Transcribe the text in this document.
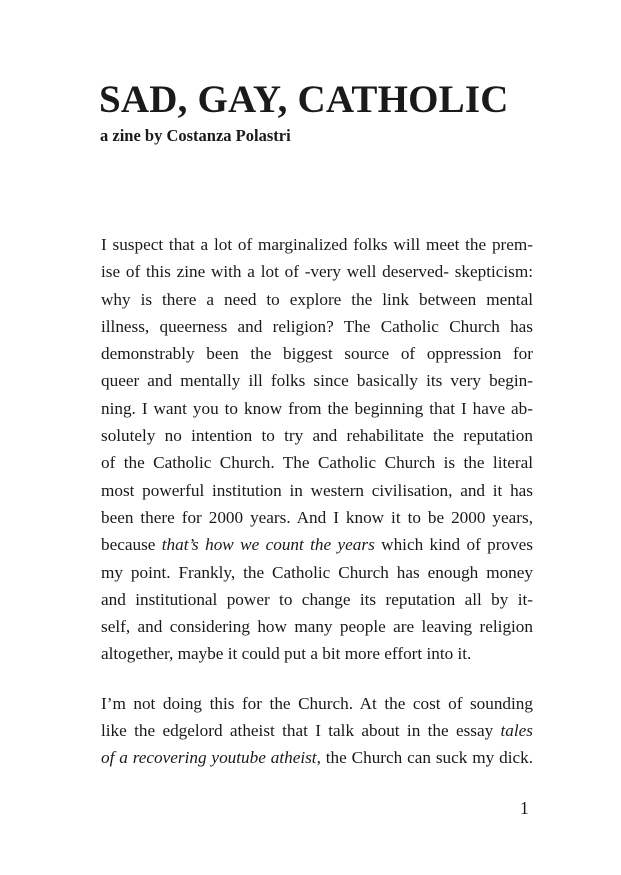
SAD, GAY, CATHOLIC
a zine by Costanza Polastri
I suspect that a lot of marginalized folks will meet the prem-
ise of this zine with a lot of -very well deserved- skepticism:
why is there a need to explore the link between mental
illness, queerness and religion? The Catholic Church has
demonstrably been the biggest source of oppression for
queer and mentally ill folks since basically its very begin-
ning. I want you to know from the beginning that I have ab-
solutely no intention to try and rehabilitate the reputation
of the Catholic Church. The Catholic Church is the literal
most powerful institution in western civilisation, and it has
been there for 2000 years. And I know it to be 2000 years,
because that’s how we count the years which kind of proves
my point. Frankly, the Catholic Church has enough money
and institutional power to change its reputation all by it-
self, and considering how many people are leaving religion
altogether, maybe it could put a bit more effort into it.
I’m not doing this for the Church. At the cost of sounding
like the edgelord atheist that I talk about in the essay tales
of a recovering youtube atheist, the Church can suck my dick.
1
